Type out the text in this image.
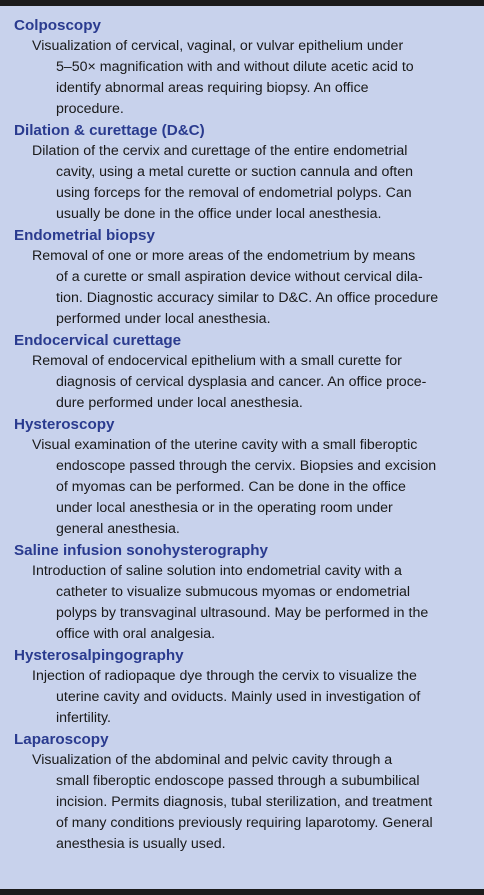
Colposcopy
Visualization of cervical, vaginal, or vulvar epithelium under
5–50× magnification with and without dilute acetic acid to
identify abnormal areas requiring biopsy. An office
procedure.
Dilation & curettage (D&C)
Dilation of the cervix and curettage of the entire endometrial
cavity, using a metal curette or suction cannula and often
using forceps for the removal of endometrial polyps. Can
usually be done in the office under local anesthesia.
Endometrial biopsy
Removal of one or more areas of the endometrium by means
of a curette or small aspiration device without cervical dila-
tion. Diagnostic accuracy similar to D&C. An office procedure
performed under local anesthesia.
Endocervical curettage
Removal of endocervical epithelium with a small curette for
diagnosis of cervical dysplasia and cancer. An office proce-
dure performed under local anesthesia.
Hysteroscopy
Visual examination of the uterine cavity with a small fiberoptic
endoscope passed through the cervix. Biopsies and excision
of myomas can be performed. Can be done in the office
under local anesthesia or in the operating room under
general anesthesia.
Saline infusion sonohysterography
Introduction of saline solution into endometrial cavity with a
catheter to visualize submucous myomas or endometrial
polyps by transvaginal ultrasound. May be performed in the
office with oral analgesia.
Hysterosalpingography
Injection of radiopaque dye through the cervix to visualize the
uterine cavity and oviducts. Mainly used in investigation of
infertility.
Laparoscopy
Visualization of the abdominal and pelvic cavity through a
small fiberoptic endoscope passed through a subumbilical
incision. Permits diagnosis, tubal sterilization, and treatment
of many conditions previously requiring laparotomy. General
anesthesia is usually used.
